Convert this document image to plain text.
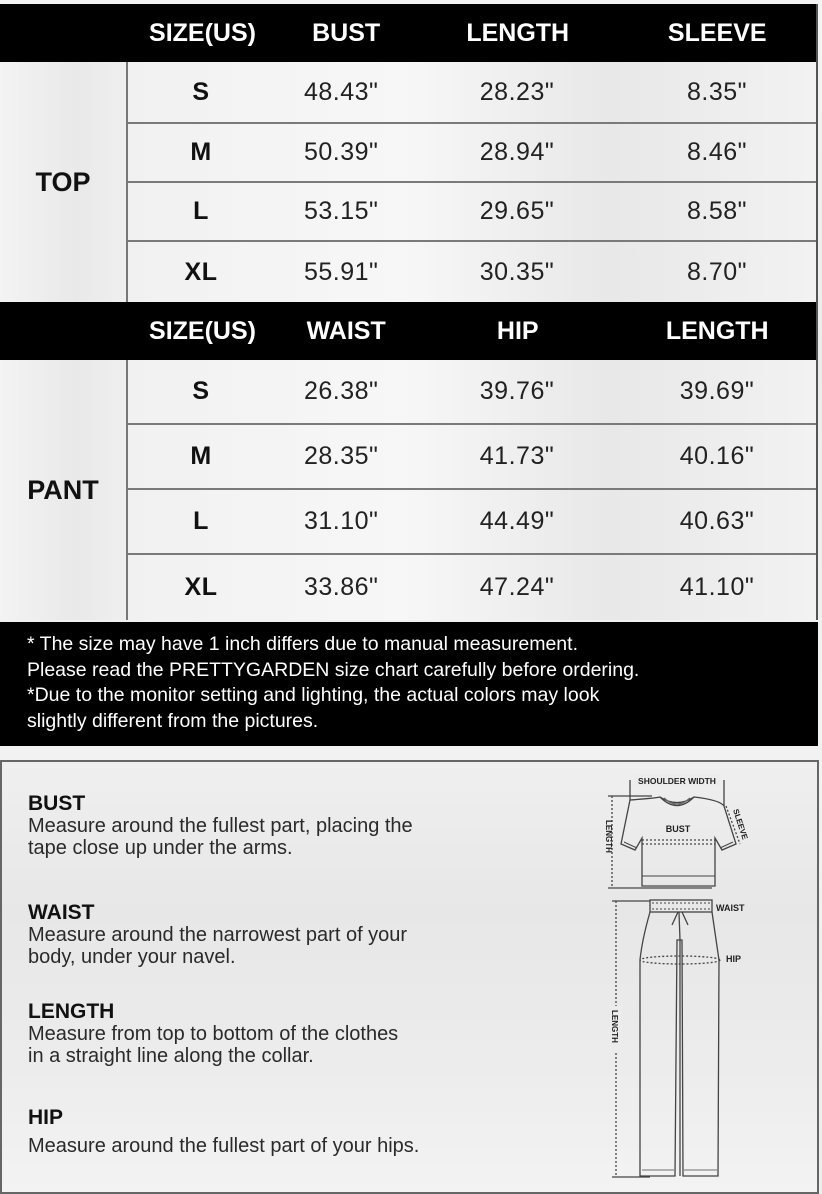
SIZE(US)	BUST	LENGTH	SLEEVE
TOP
S	48.43"	28.23"	8.35"
M	50.39"	28.94"	8.46"
L	53.15"	29.65"	8.58"
XL	55.91"	30.35"	8.70"
SIZE(US)	WAIST	HIP	LENGTH
PANT
S	26.38"	39.76"	39.69"
M	28.35"	41.73"	40.16"
L	31.10"	44.49"	40.63"
XL	33.86"	47.24"	41.10"
* The size may have 1 inch differs due to manual measurement.
Please read the PRETTYGARDEN size chart carefully before ordering.
*Due to the monitor setting and lighting, the actual colors may look
slightly different from the pictures.
BUST

Measure around the fullest part, placing the

tape close up under the arms.

WAIST

Measure around the narrowest part of your

body, under your navel.

LENGTH

Measure from top to bottom of the clothes

in a straight line along the collar.

HIP

Measure around the fullest part of your hips.

SHOULDER WIDTH
BUST	SLEEVE
LENGTH
WAIST
HIP
LENGTH
